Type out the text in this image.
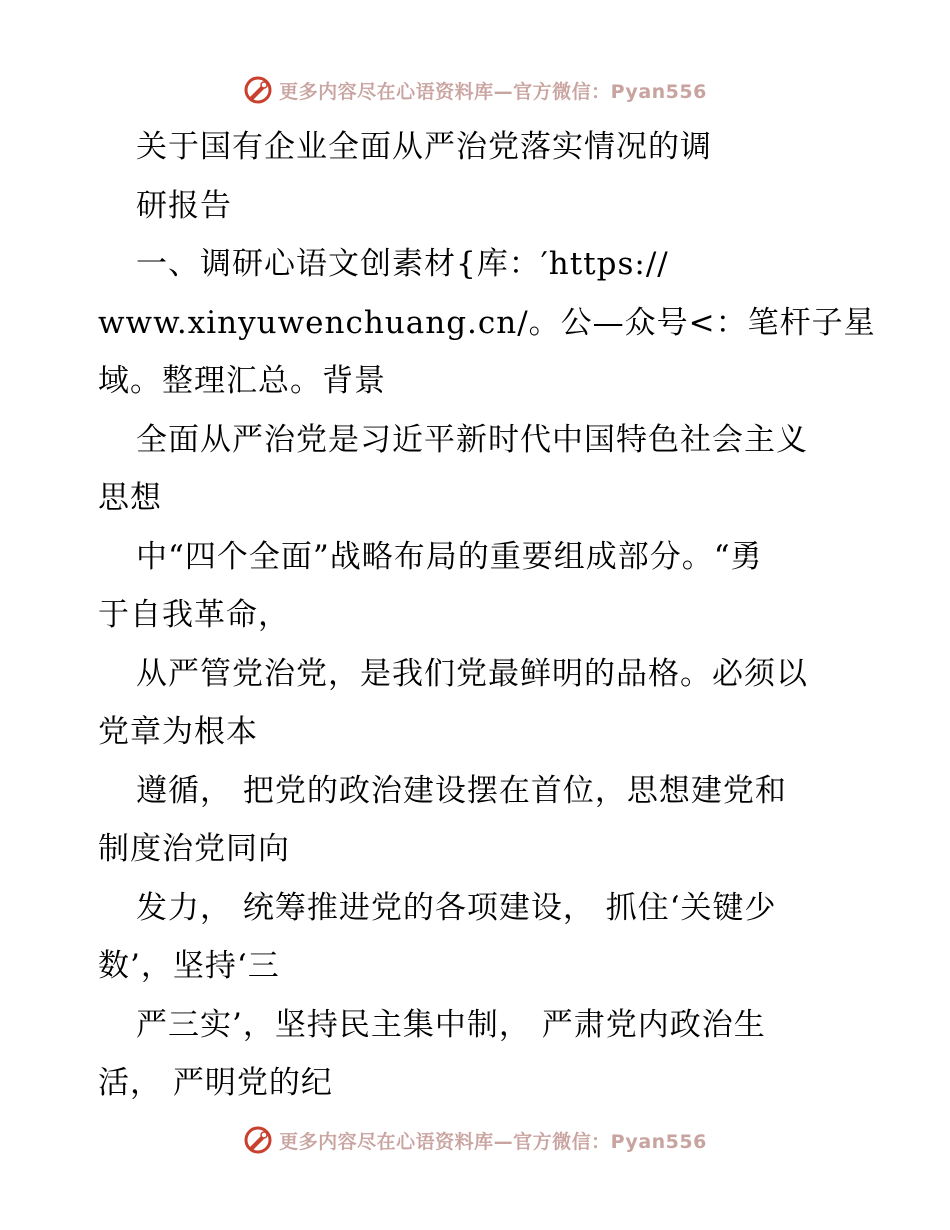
更多内容尽在心语资料库—官方微信：Pyan556
关于国有企业全面从严治党落实情况的调
研报告
一、调研心语文创素材{库：′https://
www.xinyuwenchuang.cn/。公—众号<：笔杆子星
域。整理汇总。背景
全面从严治党是习近平新时代中国特色社会主义
思想
中“四个全面”战略布局的重要组成部分。“勇
于自我革命，
从严管党治党，是我们党最鲜明的品格。必须以
党章为根本
遵循， 把党的政治建设摆在首位，思想建党和
制度治党同向
发力， 统筹推进党的各项建设， 抓住‘关键少
数’，坚持‘三
严三实’，坚持民主集中制， 严肃党内政治生
活， 严明党的纪
更多内容尽在心语资料库—官方微信：Pyan556
